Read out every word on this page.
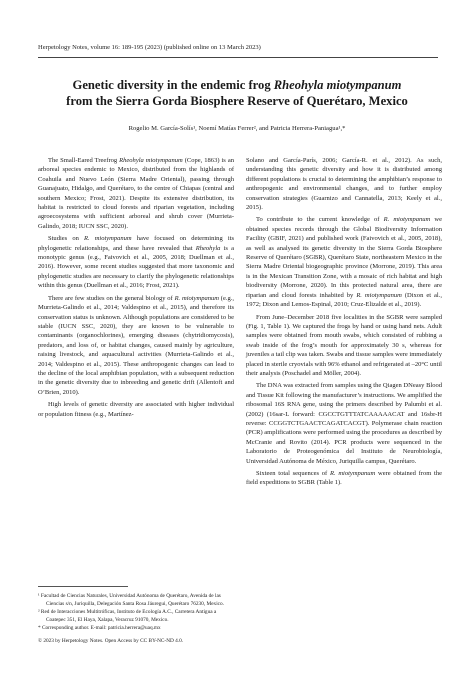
Herpetology Notes, volume 16: 189-195 (2023) (published online on 13 March 2023)

Genetic diversity in the endemic frog Rheohyla miotympanum

from the Sierra Gorda Biosphere Reserve of Querétaro, Mexico

Rogelio M. García-Solís¹, Noemí Matías Ferrer², and Patricia Herrera-Paniagua¹,*

The Small-Eared Treefrog Rheohyla miotympanum (Cope, 1863) is an arboreal species endemic to Mexico, distributed from the highlands of Coahuila and Nuevo León (Sierra Madre Oriental), passing through Guanajuato, Hidalgo, and Querétaro, to the centre of Chiapas (central and southern Mexico; Frost, 2021). Despite its extensive distribution, its habitat is restricted to cloud forests and riparian vegetation, including agroecosystems with sufficient arboreal and shrub cover (Murrieta-Galindo, 2018; IUCN SSC, 2020).

Studies on R. miotympanum have focused on determining its phylogenetic relationships, and these have revealed that Rheohyla is a monotypic genus (e.g., Faivovich et al., 2005, 2018; Duellman et al., 2016). However, some recent studies suggested that more taxonomic and phylogenetic studies are necessary to clarify the phylogenetic relationships within this genus (Duellman et al., 2016; Frost, 2021).

There are few studies on the general biology of R. miotympanum (e.g., Murrieta-Galindo et al., 2014; Valdespino et al., 2015), and therefore its conservation status is unknown. Although populations are considered to be stable (IUCN SSC, 2020), they are known to be vulnerable to contaminants (organochlorines), emerging diseases (chytridiomycosis), predators, and loss of, or habitat changes, caused mainly by agriculture, raising livestock, and aquacultural activities (Murrieta-Galindo et al., 2014; Valdespino et al., 2015). These anthropogenic changes can lead to the decline of the local amphibian population, with a subsequent reduction in the genetic diversity due to inbreeding and genetic drift (Allentoft and O’Brien, 2010).

High levels of genetic diversity are associated with higher individual or population fitness (e.g., Martínez-

Solano and García-París, 2006; García-R. et al., 2012). As such, understanding this genetic diversity and how it is distributed among different populations is crucial to determining the amphibian’s response to anthropogenic and environmental changes, and to further employ conservation strategies (Guarnizo and Cannatella, 2013; Keely et al., 2015).

To contribute to the current knowledge of R. miotympanum we obtained species records through the Global Biodiversity Information Facility (GBIF, 2021) and published work (Faivovich et al., 2005, 2018), as well as analysed its genetic diversity in the Sierra Gorda Biosphere Reserve of Querétaro (SGBR), Querétaro State, northeastern Mexico in the Sierra Madre Oriental biogeographic province (Morrone, 2019). This area is in the Mexican Transition Zone, with a mosaic of rich habitat and high biodiversity (Morrone, 2020). In this protected natural area, there are riparian and cloud forests inhabited by R. miotympanum (Dixon et al., 1972; Dixon and Lemos-Espinal, 2010; Cruz-Elizalde et al., 2019).

From June–December 2018 five localities in the SGBR were sampled (Fig. 1, Table 1). We captured the frogs by hand or using hand nets. Adult samples were obtained from mouth swabs, which consisted of rubbing a swab inside of the frog’s mouth for approximately 30 s, whereas for juveniles a tail clip was taken. Swabs and tissue samples were immediately placed in sterile cryovials with 96% ethanol and refrigerated at –20°C until their analysis (Poschadel and Möller, 2004).

The DNA was extracted from samples using the Qiagen DNeasy Blood and Tissue Kit following the manufacturer’s instructions. We amplified the ribosomal 16S RNA gene, using the primers described by Palumbi et al. (2002) (16sar-L forward: CGCCTGTTTATCAAAAACAT and 16sbr-H reverse: CCGGTCTGAACTCAGATCACGT). Polymerase chain reaction (PCR) amplifications were performed using the procedures as described by McCranie and Rovito (2014). PCR products were sequenced in the Laboratorio de Proteogenómica del Instituto de Neurobiología, Universidad Autónoma de México, Juriquilla campus, Querétaro.

Sixteen total sequences of R. miotympanum were obtained from the field expeditions to SGBR (Table 1).

¹ Facultad de Ciencias Naturales, Universidad Autónoma de Querétaro, Avenida de las Ciencias s/n, Juriquilla, Delegación Santa Rosa Jáuregui, Querétaro 76230, Mexico.

² Red de Interacciones Multitróficas, Instituto de Ecología A.C., Carretera Antigua a Coatepec 351, El Haya, Xalapa, Veracruz 91070, Mexico.

* Corresponding author. E-mail: patricia.herrera@uaq.mx

© 2023 by Herpetology Notes. Open Access by CC BY-NC-ND 4.0.
